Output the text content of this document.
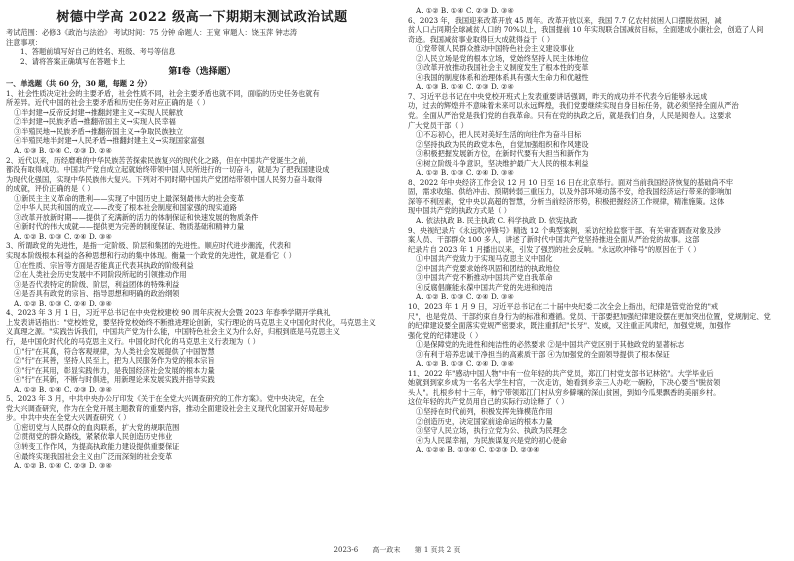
树德中学高 2022 级高一下期期末测试政治试题
考试范围：必修3《政治与法治》 考试时间：75 分钟 命题人：王宽 审题人：饶玉萍 钟志涛
注意事项：
1、答题前填写好自己的姓名、班级、考号等信息
2、请将答案正确填写在答题卡上
第Ⅰ卷（选择题）
一、单选题（共 60 分，30 题，每题 2 分）
1、社会性质决定社会的主要矛盾，社会性质不同，社会主要矛盾也就不同，面临的历史任务也就有
所差异。近代中国的社会主要矛盾和历史任务对应正确的是（ ）
①半封建→反帝反封建→推翻封建主义→实现人民解放
②半封建→民族矛盾→推翻帝国主义→实现人民幸福
③半殖民地→民族矛盾→推翻帝国主义→争取民族独立
④半殖民地半封建→人民矛盾→推翻封建主义→实现国家富强
A. ①③ B. ①④ C. ②③ D. ②④
2、近代以来，历经磨难的中华民族苦苦探索民族复兴的现代化之路，但在中国共产党诞生之前，
都没有取得成功。中国共产党自成立起就始终带领中国人民所进行的一切奋斗，就是为了把我国建设成
为现代化强国，实现中华民族伟大复兴。下列对不同时期中国共产党团结带领中国人民努力奋斗取得
的成就，评价正确的是（ ）
①新民主主义革命的胜利——实现了中国历史上最深刻最伟大的社会变革
②中华人民共和国的成立——改变了根本社会制度和国家强的现实道路
③改革开放新时期——提供了充满新的活力的体制保证和快速发展的物质条件
④新时代的伟大成就——提供更为完善的制度保证、物质基础和精神力量
A. ①② B. ①③ C. ②④ D. ③④
3、所谓政党的先进性，是指一定阶级、阶层和集团的先进性。顺应时代进步潮流，代表和
实现本阶级根本利益的各种思想和行动的集中体现。衡量一个政党的先进性，就是看它（ ）
①在性质、宗旨等方面是否能真正代表其执政的阶级利益
②在人类社会历史发展中不同阶段所起的引领推动作用
③是否代表特定的阶级、阶层，利益团体的特殊利益
④是否具有政党的宗旨、指导思想和明确的政治纲领
A. ①② B. ①③ C. ②④ D. ③④
4、2023 年 3 月 1 日，习近平总书记在中央党校建校 90 周年庆祝大会暨 2023 年春季学期开学典礼
上发表讲话指出："党校姓党，要坚持党校始终不断推进理论创新，实行理论的马克思主义中国化时代化，马克思主义
义真理之源。"实践告诉我们，中国共产党为什么能，中国特色社会主义为什么好，归根到底是马克思主义
行，是中国化时代化的马克思主义行。中国化时代化的马克思主义行表现为（ ）
①"行"在其真，符合客观规律，为人类社会发展提供了中国智慧
②"行"在其善，坚持人民至上，把为人民服务作为党的根本宗旨
③"行"在其用，彰显实践伟力，是我国经济社会发展的根本力量
④"行"在其新，不断与时俱进，用新理论来发展实践并指导实践
A. ①② B. ①④ C. ②③ D. ③④
5、2023 年 3 月，中共中央办公厅印发《关于在全党大兴调查研究的工作方案》。党中央决定，在全
党大兴调查研究，作为在全党开展主题教育的重要内容，推动全面建设社会主义现代化国家开好局起步
步。中共中央在全党大兴调查研究（ ）
①密切党与人民群众的血肉联系，扩大党的规职范围
②贯彻党的群众路线，紧紧依靠人民创造历史伟业
③转变工作作风，为提高执政能力建设提供重要保证
④最终实现我国社会主义由广泛而深刻的社会变革
A. ①② B. ①④ C. ②③ D. ③④
A. ①② B. ①④ C. ②③ D. ③④
6、2023 年，我国迎来改革开放 45 周年。改革开放以来，我国 7.7 亿农村贫困人口摆脱贫困，减
贫人口占同期全球减贫人口的 70%以上，我国提前 10 年实现联合国减贫目标，全面建成小康社会，创造了人间
奇迹。我国减贫事业取得巨大成就得益于（ ）
①党带领人民群众推动中国特色社会主义建设事业
②人民立场是党的根本立场，党始终坚持人民主体地位
③改革开放推动我国社会主义制度发生了根本性的变革
④我国的制度体系和治理体系具有强大生命力和优越性
A. ①③ B. ①④ C. ②③ D. ②④
7、习近平总书记在中央党校开班式上发表重要讲话强调，昨天的成功并不代表今后能够永远成
功，过去的辉煌并不意味着未来可以永远辉煌，我们党要继续实现自身目标任务，就必须坚持全面从严治
党。全面从严治党是我们党的自我革命。只有在党的执政之后，就是我们自身，人民是阅卷人。这要求
广大党员干部（ ）
①不忘初心，把人民对美好生活的向往作为奋斗目标
②坚持执政为民的政党本色，自觉加强组织和作风建设
③积极把握发展新方位，在新时代要有大担当和新作为
④树立阶级斗争意识，坚决维护最广大人民的根本利益
A. ①② B. ①③ C. ②④ D. ③④
8、2022 年中央经济工作会议 12 月 10 日至 16 日在北京举行。面对当前我国经济恢复的基础尚不牢
固，需求收缩、供给冲击、预期转弱三重压力，以及外部环境动荡不安，给我国经济运行带来的影响加
深等不利因素，党中央以高超的智慧，分析当前经济形势，积极把握经济工作规律，精准施策。这体
现中国共产党的执政方式是（ ）
A. 依法执政 B. 民主执政 C. 科学执政 D. 依宪执政
9、央视纪录片《永远吹冲锋号》精选 12 个典型案例，采访纪检监察干部、有关审查调查对象及涉
案人员、干部群众 100 多人，讲述了新时代中国共产党坚持推进全面从严治党的故事。这部
纪录片自 2023 年 1 月播出以来，引发了强烈的社会反响。"永远吹冲锋号"的原因在于（ ）
①中国共产党致力于实现马克思主义中国化
②中国共产党要求始终巩固和团结的执政地位
③中国共产党不断推动中国共产党自我革命
④反腐倡廉能永葆中国共产党的先进和纯洁
A. ①② B. ①③ C. ②④ D. ③④
10、2023 年 1 月 9 日，习近平总书记在二十届中央纪委二次全会上指出，纪律是管党治党的"戒
尺"，也是党员、干部约束自身行为的标准和遵循。党员、干部要把加强纪律建设摆在更加突出位置，党规制定、党
的纪律建设要全面落实党规严密要求，既注重抓纪"长牙"、发威，又注重正风肃纪，加强党规，加强作
强化党的纪律建设（ ）
①是保障党的先进性和纯洁性的必然要求 ②是中国共产党区别于其他政党的显著标志
③有利于培养忠诚干净担当的高素质干部 ④为加强党的全面领导提供了根本保证
A. ①② B. ①③ C. ②④ D. ③④
11、2022 年"感动中国人物"中有一位年轻的共产党员，郑江门村党支部书记林铭"。大学毕业后
她就到到家乡成为一名名大学生村官，一次走访，她看到乡亲三人办吃一碗粉，下决心要当"脱贫领
头人"。扎根乡村十三年，柿宁带领郑江门村从穷乡僻壤的深山贫困，到如今瓜果飘香的美丽乡村。
这位年轻的共产党员用自己的实际行动诠释了（ ）
①坚持在时代前列，积极发挥先锋模范作用
②创造历史，决定国家前途命运的根本力量
③坚守人民立场，执行立党为公、执政为民理念
④为人民谋幸福，为民族谋复兴是党的初心使命
A. ①②④ B. ①③④ C. ①②③ D. ②③④
2023-6 高一政末 第 1 页共 2 页
